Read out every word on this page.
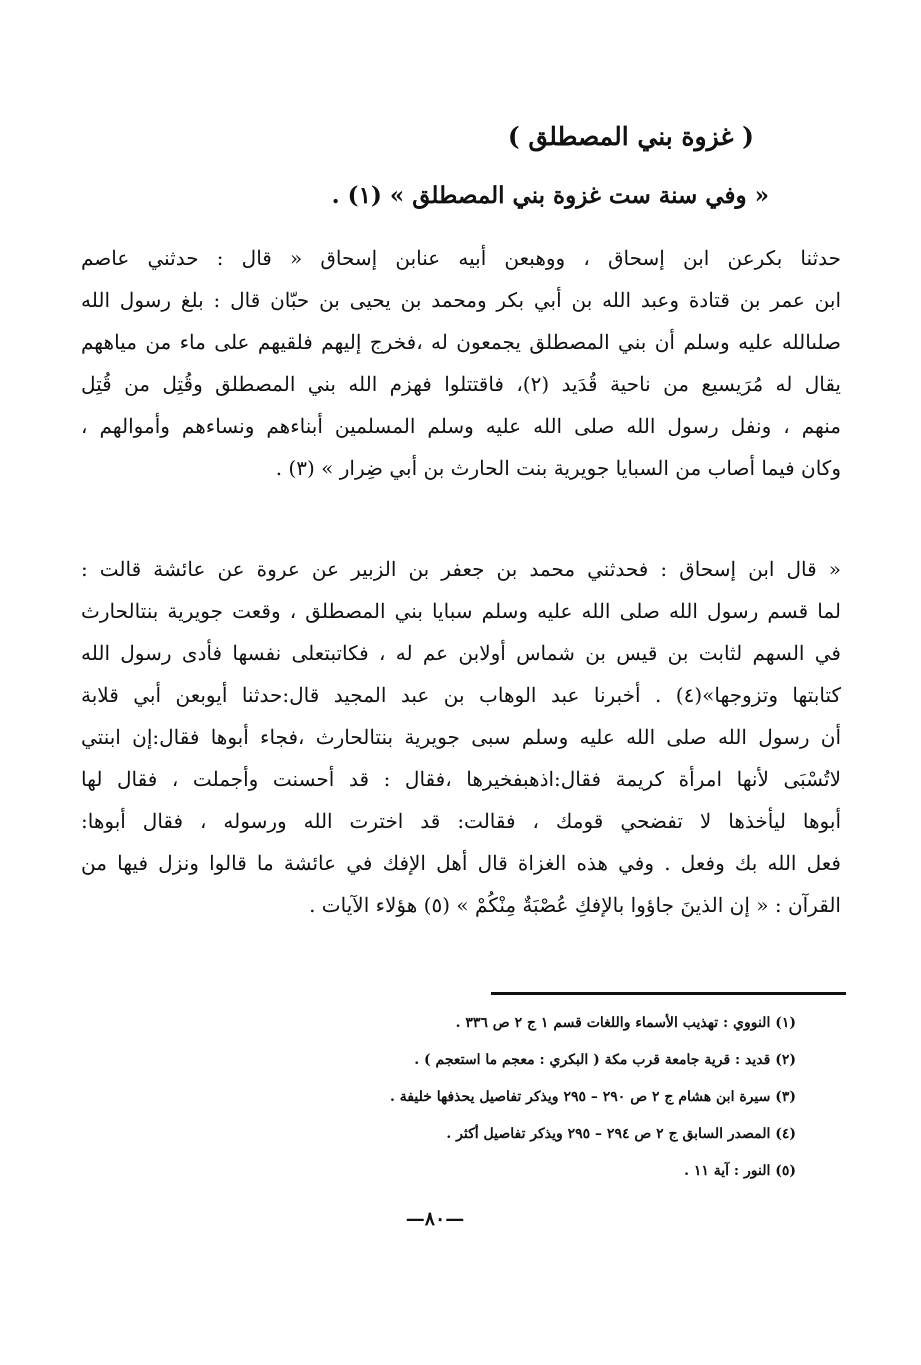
( غزوة بني المصطلق )
« وفي سنة ست غزوة بني المصطلق » (١) .
حدثنا بكرعن ابن إسحاق ، ووهبعن أبيه عنابن إسحاق « قال : حدثني عاصم
ابن عمر بن قتادة وعبد الله بن أبي بكر ومحمد بن يحيى بن حبّان قال : بلغ رسول الله
صلىالله عليه وسلم أن بني المصطلق يجمعون له ،فخرج إليهم فلقيهم على ماء من مياههم
يقال له مُرَيسيع من ناحية قُدَيد (٢)، فاقتتلوا فهزم الله بني المصطلق وقُتِل من قُتِل
منهم ، ونفل رسول الله صلى الله عليه وسلم المسلمين أبناءهم ونساءهم وأموالهم ،
وكان فيما أصاب من السبايا جويرية بنت الحارث بن أبي ضِرار » (٣) .
« قال ابن إسحاق : فحدثني محمد بن جعفر بن الزبير عن عروة عن عائشة قالت :
لما قسم رسول الله صلى الله عليه وسلم سبايا بني المصطلق ، وقعت جويرية بنتالحارث
في السهم لثابت بن قيس بن شماس أولابن عم له ، فكاتبتعلى نفسها فأدى رسول الله
كتابتها وتزوجها»(٤) . أخبرنا عبد الوهاب بن عبد المجيد قال:حدثنا أيوبعن أبي قلابة
أن رسول الله صلى الله عليه وسلم سبى جويرية بنتالحارث ،فجاء أبوها فقال:إن ابنتي
لاتُسْبَى لأنها امرأة كريمة فقال:اذهبفخيرها ،فقال : قد أحسنت وأجملت ، فقال لها
أبوها ليأخذها لا تفضحي قومك ، فقالت: قد اخترت الله ورسوله ، فقال أبوها:
فعل الله بك وفعل . وفي هذه الغزاة قال أهل الإفك في عائشة ما قالوا ونزل فيها من
القرآن : « إن الذينَ جاؤوا بالإفكِ عُصْبَةٌ مِنْكُمْ » (٥) هؤلاء الآيات .
(١) النووي : تهذيب الأسماء واللغات قسم ١ ج ٢ ص ٣٣٦ .
(٢) قديد : قرية جامعة قرب مكة ( البكري : معجم ما استعجم ) .
(٣) سيرة ابن هشام ج ٢ ص ٢٩٠ – ٢٩٥ ويذكر تفاصيل يحذفها خليفة .
(٤) المصدر السابق ج ٢ ص ٢٩٤ – ٢٩٥ ويذكر تفاصيل أكثر .
(٥) النور : آية ١١ .
—٨٠—
